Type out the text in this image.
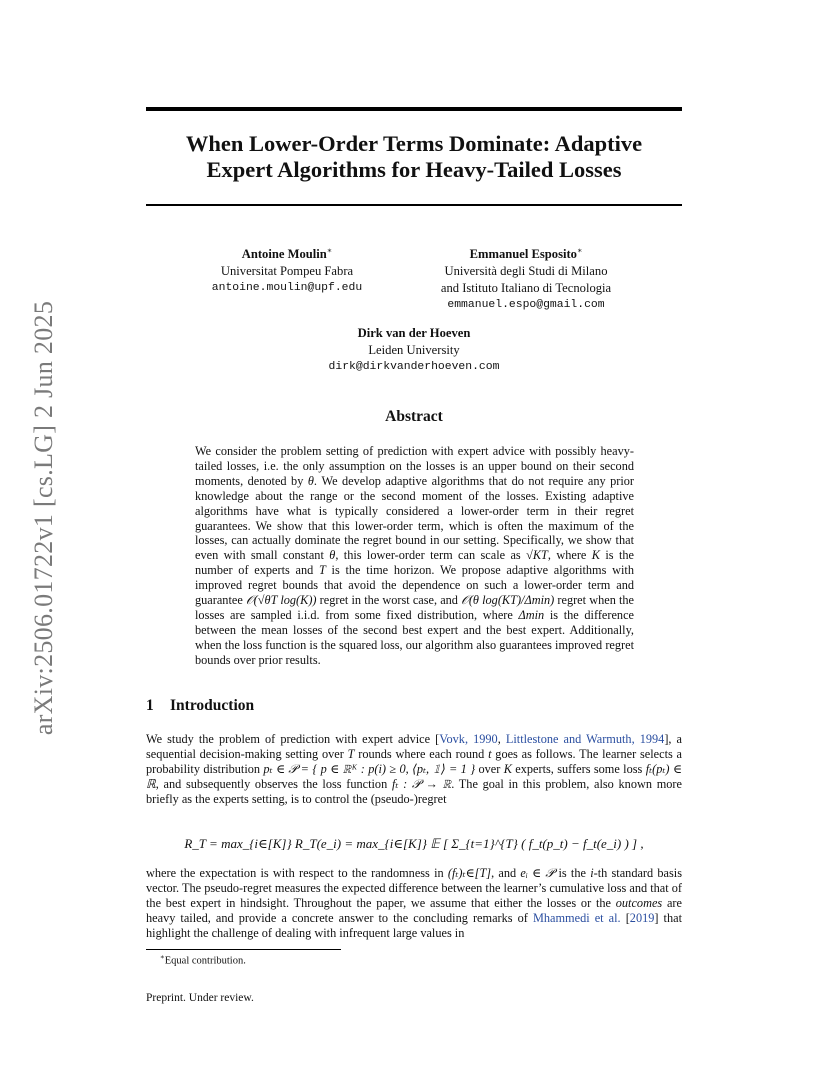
arXiv:2506.01722v1 [cs.LG] 2 Jun 2025
When Lower-Order Terms Dominate: Adaptive
Expert Algorithms for Heavy-Tailed Losses
Antoine Moulin∗
Universitat Pompeu Fabra
antoine.moulin@upf.edu
Emmanuel Esposito∗
Università degli Studi di Milano
and Istituto Italiano di Tecnologia
emmanuel.espo@gmail.com
Dirk van der Hoeven
Leiden University
dirk@dirkvanderhoeven.com
Abstract

We consider the problem setting of prediction with expert advice with possibly heavy-tailed losses, i.e. the only assumption on the losses is an upper bound on their second moments, denoted by θ. We develop adaptive algorithms that do not require any prior knowledge about the range or the second moment of the losses. Existing adaptive algorithms have what is typically considered a lower-order term in their regret guarantees. We show that this lower-order term, which is often the maximum of the losses, can actually dominate the regret bound in our setting. Specifically, we show that even with small constant θ, this lower-order term can scale as √KT, where K is the number of experts and T is the time horizon. We propose adaptive algorithms with improved regret bounds that avoid the dependence on such a lower-order term and guarantee 𝒪(√θT log(K)) regret in the worst case, and 𝒪(θ log(KT)/Δmin) regret when the losses are sampled i.i.d. from some fixed distribution, where Δmin is the difference between the mean losses of the second best expert and the best expert. Additionally, when the loss function is the squared loss, our algorithm also guarantees improved regret bounds over prior results.

1 Introduction

We study the problem of prediction with expert advice [Vovk, 1990, Littlestone and Warmuth, 1994], a sequential decision-making setting over T rounds where each round t goes as follows. The learner selects a probability distribution pₜ ∈ 𝒫 = { p ∈ ℝᴷ : p(i) ≥ 0, ⟨pₜ, 𝟙⟩ = 1 } over K experts, suffers some loss fₜ(pₜ) ∈ ℝ, and subsequently observes the loss function fₜ : 𝒫 → ℝ. The goal in this problem, also known more briefly as the experts setting, is to control the (pseudo-)regret

R_T = max_{i∈[K]} R_T(e_i) = max_{i∈[K]} 𝔼 [ Σ_{t=1}^{T} ( f_t(p_t) − f_t(e_i) ) ] ,

where the expectation is with respect to the randomness in (fₜ)ₜ∈[T], and eᵢ ∈ 𝒫 is the i-th standard basis vector. The pseudo-regret measures the expected difference between the learner’s cumulative loss and that of the best expert in hindsight. Throughout the paper, we assume that either the losses or the outcomes are heavy tailed, and provide a concrete answer to the concluding remarks of Mhammedi et al. [2019] that highlight the challenge of dealing with infrequent large values in

∗Equal contribution.
Preprint. Under review.
